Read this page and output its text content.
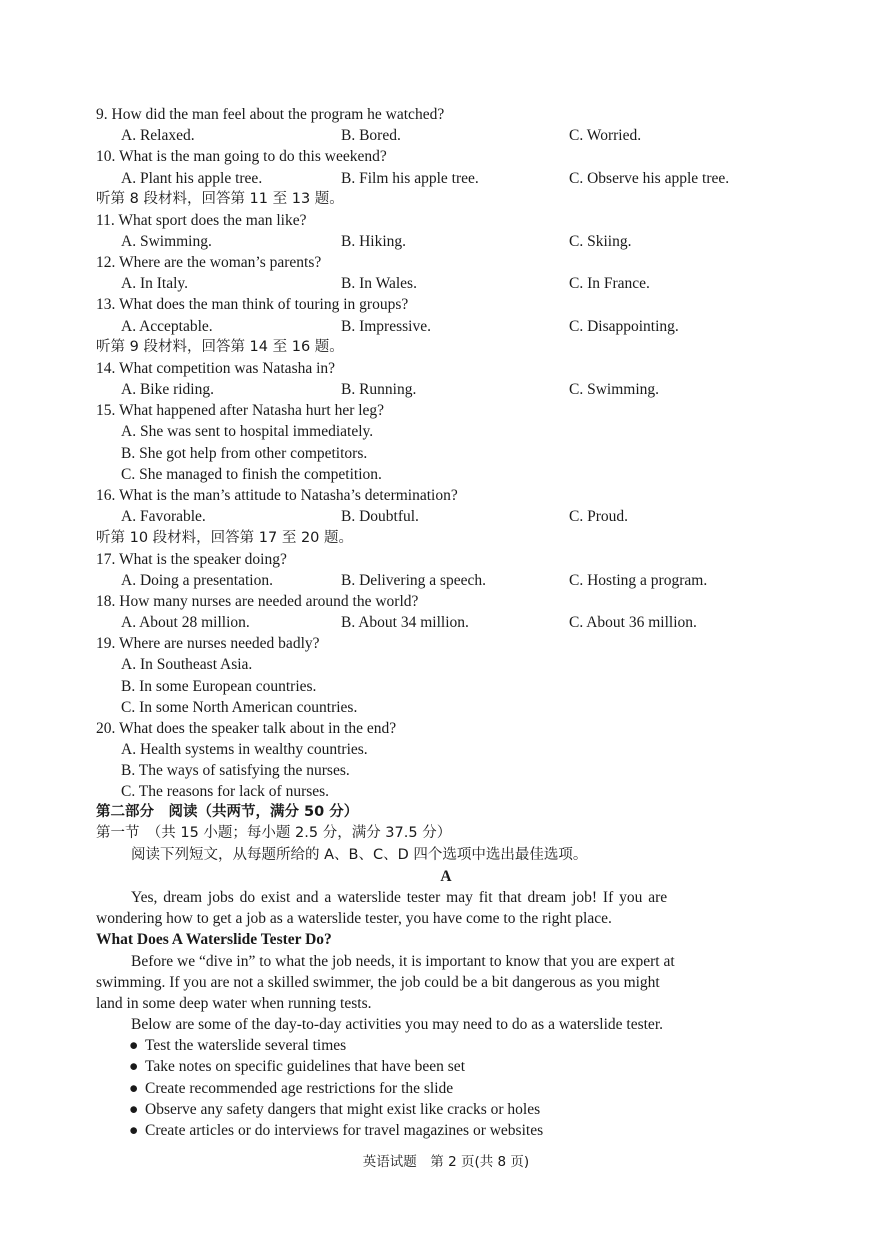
9. How did the man feel about the program he watched?
A. Relaxed.	B. Bored.	C. Worried.
10. What is the man going to do this weekend?
A. Plant his apple tree.	B. Film his apple tree.	C. Observe his apple tree.
听第 8 段材料，回答第 11 至 13 题。
11. What sport does the man like?
A. Swimming.	B. Hiking.	C. Skiing.
12. Where are the woman’s parents?
A. In Italy.	B. In Wales.	C. In France.
13. What does the man think of touring in groups?
A. Acceptable.	B. Impressive.	C. Disappointing.
听第 9 段材料，回答第 14 至 16 题。
14. What competition was Natasha in?
A. Bike riding.	B. Running.	C. Swimming.
15. What happened after Natasha hurt her leg?
A. She was sent to hospital immediately.
B. She got help from other competitors.
C. She managed to finish the competition.
16. What is the man’s attitude to Natasha’s determination?
A. Favorable.	B. Doubtful.	C. Proud.
听第 10 段材料，回答第 17 至 20 题。
17. What is the speaker doing?
A. Doing a presentation.	B. Delivering a speech.	C. Hosting a program.
18. How many nurses are needed around the world?
A. About 28 million.	B. About 34 million.	C. About 36 million.
19. Where are nurses needed badly?
A. In Southeast Asia.
B. In some European countries.
C. In some North American countries.
20. What does the speaker talk about in the end?
A. Health systems in wealthy countries.
B. The ways of satisfying the nurses.
C. The reasons for lack of nurses.
第二部分　阅读（共两节，满分 50 分）
第一节　（共 15 小题；每小题 2.5 分，满分 37.5 分）
阅读下列短文，从每题所给的 A、B、C、D 四个选项中选出最佳选项。
A
Yes, dream jobs do exist and a waterslide tester may fit that dream job! If you are
wondering how to get a job as a waterslide tester, you have come to the right place.
What Does A Waterslide Tester Do?
Before we “dive in” to what the job needs, it is important to know that you are expert at
swimming. If you are not a skilled swimmer, the job could be a bit dangerous as you might
land in some deep water when running tests.
Below are some of the day-to-day activities you may need to do as a waterslide tester.
● Test the waterslide several times
● Take notes on specific guidelines that have been set
● Create recommended age restrictions for the slide
● Observe any safety dangers that might exist like cracks or holes
● Create articles or do interviews for travel magazines or websites
英语试题　第 2 页(共 8 页)
